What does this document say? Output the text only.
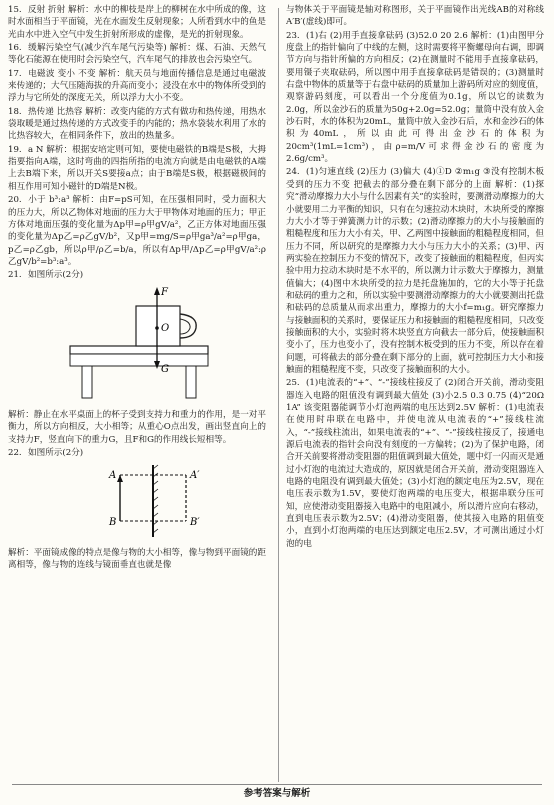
15. 反射 折射 解析：水中的柳枝是岸上的柳树在水中所成的像，这时水面相当于平面镜，光在水面发生反射现象；人所看到水中的鱼是光由水中进入空气中发生折射所形成的虚像，是光的折射现象。

16. 缓解污染空气(减少汽车尾气污染等) 解析：煤、石油、天然气等化石能源在使用时会污染空气，汽车尾气的排放也会污染空气。

17. 电磁波 变小 不变 解析：航天员与地面传播信息是通过电磁波来传递的；大气压随海拔的升高而变小；浸没在水中的物体所受到的浮力与它所处的深度无关，所以浮力大小不变。

18. 热传递 比热容 解析：改变内能的方式有做功和热传递，用热水袋取暖是通过热传递的方式改变手的内能的；热水袋装水利用了水的比热容较大，在相同条件下，放出的热量多。

19. a N 解析：根据安培定则可知，要使电磁铁的B端是S极，大拇指要指向A端，这时弯曲的四指所指的电流方向就是由电磁铁的A端上去B端下来，所以开关S要接a点；由于B端是S极，根据磁极间的相互作用可知小磁针的D端是N极。

20. 小于 b³:a³ 解析：由F=pS可知，在压强相同时，受力面积大的压力大，所以乙物体对地面的压力大于甲物体对地面的压力；甲正方体对地面压强的变化量为Δp甲=ρ甲gV/a²，乙正方体对地面压强的变化量为Δp乙=ρ乙gV/b²，又p甲=mg/S=ρ甲ga³/a²=ρ甲ga，p乙=ρ乙gb，所以ρ甲/ρ乙=b/a，所以有Δp甲/Δp乙=ρ甲gV/a²:ρ乙gV/b²=b³:a³。

21. 如图所示(2分)

F
O
G

解析：静止在水平桌面上的杯子受到支持力和重力的作用，是一对平衡力，所以方向相反，大小相等；从重心O点出发，画出竖直向上的支持力F，竖直向下的重力G，且F和G的作用线长短相等。

22. 如图所示(2分)

A	A′
B	B′

解析：平面镜成像的特点是像与物的大小相等，像与物到平面镜的距离相等，像与物的连线与镜面垂直也就是像

与物体关于平面镜是轴对称图形，关于平面镜作出光线AB的对称线A′B′(虚线)即可。

23. (1)右 (2)用手直接拿砝码 (3)52.0 20 2.6 解析：(1)由图甲分度盘上的指针偏向了中线的左侧，这时需要将平衡螺母向右调，即调节方向与指针所偏的方向相反；(2)在测量时不能用手直接拿砝码，要用镊子夹取砝码，所以图中用手直接拿砝码是错误的；(3)测量时右盘中物体的质量等于右盘中砝码的质量加上游码所对应的刻度值，观察游码刻度，可以看出一个分度值为0.1g，所以它的读数为2.0g，所以金沙石的质量为50g+2.0g=52.0g；量筒中没有放入金沙石时，水的体积为20mL，量筒中放入金沙石后，水和金沙石的体积为40mL，所以由此可得出金沙石的体积为20cm³(1mL=1cm³)，由ρ=m/V可求得金沙石的密度为2.6g/cm³。

24. (1)匀速直线 (2)压力 (3)偏大 (4)①D ②m₁g ③没有控制木板受到的压力不变 把截去的部分叠在剩下部分的上面 解析：(1)探究“滑动摩擦力大小与什么因素有关”的实验时，要测滑动摩擦力的大小就要用二力平衡的知识，只有在匀速拉动木块时，木块所受的摩擦力大小才等于弹簧测力计的示数；(2)滑动摩擦力的大小与接触面的粗糙程度和压力大小有关，甲、乙两图中接触面的粗糙程度相同，但压力不同，所以研究的是摩擦力大小与压力大小的关系；(3)甲、丙两实验在控制压力不变的情况下，改变了接触面的粗糙程度，但丙实验中用力拉动木块时是不水平的，所以测力计示数大于摩擦力，测量值偏大；(4)图中木块所受的拉力是托盘施加的，它的大小等于托盘和砝码的重力之和，所以实验中要测滑动摩擦力的大小就要测出托盘和砝码的总质量从而求出重力，摩擦力的大小f=m₁g。研究摩擦力与接触面积的关系时，要保证压力和接触面的粗糙程度相同，只改变接触面积的大小，实验时将木块竖直方向截去一部分后，使接触面积变小了，压力也变小了，没有控制木板受到的压力不变，所以存在着问题，可将截去的部分叠在剩下部分的上面，就可控制压力大小和接触面的粗糙程度不变，只改变了接触面积的大小。

25. (1)电流表的“+”、“-”接线柱接反了 (2)闭合开关前，滑动变阻器连入电路的阻值没有调到最大值处 (3)小2.5 0.3 0.75 (4)“20Ω 1A” 该变阻器能调节小灯泡两端的电压达到2.5V 解析：(1)电流表在使用时串联在电路中，并使电流从电流表的“+”接线柱流入，“-”接线柱流出，如果电流表的“+”、“-”接线柱接反了，接通电源后电流表的指针会向没有刻度的一方偏转；(2)为了保护电路，闭合开关前要将滑动变阻器的阻值调到最大值处，题中灯一闪而灭是通过小灯泡的电流过大造成的，原因就是闭合开关前，滑动变阻器连入电路的电阻没有调到最大值处；(3)小灯泡的额定电压为2.5V，现在电压表示数为1.5V，要使灯泡两端的电压变大，根据串联分压可知，应使滑动变阻器接入电路中的电阻减小，所以滑片应向右移动，直到电压表示数为2.5V；(4)滑动变阻器，使其接入电路的阻值变小，直到小灯泡两端的电压达到额定电压2.5V，才可测出通过小灯泡的电

参考答案与解析
